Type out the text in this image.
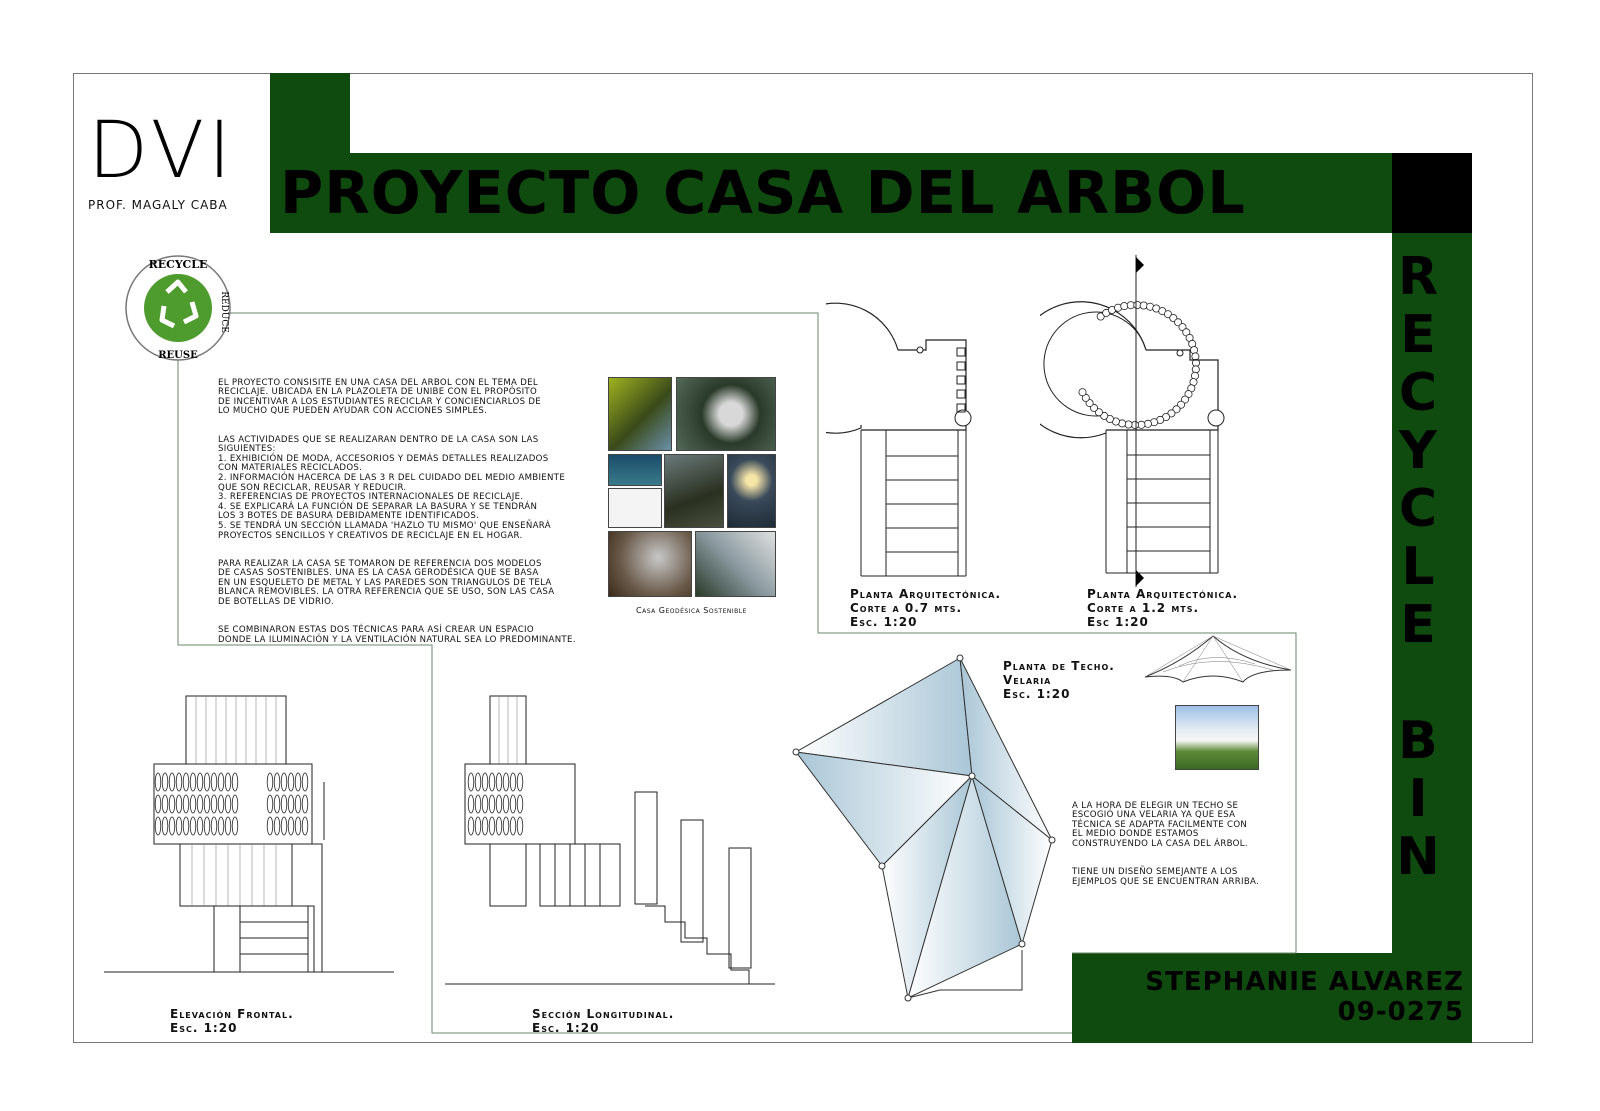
DVI
PROF. MAGALY CABA PROYECTO CASA DEL ARBOL
R
E
C
Y
C
L
E
B
I
N
STEPHANIE ALVAREZ
09-0275
RECYCLE
REDUCE
REUSE

EL PROYECTO CONSISITE EN UNA CASA DEL ARBOL CON EL TEMA DEL
RECICLAJE. UBICADA EN LA PLAZOLETA DE UNIBE CON EL PROPÓSITO
DE INCENTIVAR A LOS ESTUDIANTES RECICLAR Y CONCIENCIARLOS DE
LO MUCHO QUE PUEDEN AYUDAR CON ACCIONES SIMPLES.

LAS ACTIVIDADES QUE SE REALIZARAN DENTRO DE LA CASA SON LAS
SIGUIENTES:
1. EXHIBICIÓN DE MODA, ACCESORIOS Y DEMÁS DETALLES REALIZADOS
CON MATERIALES RECICLADOS.
2. INFORMACIÓN HACERCA DE LAS 3 R DEL CUIDADO DEL MEDIO AMBIENTE
QUE SON RECICLAR, REUSAR Y REDUCIR.
3. REFERENCIAS DE PROYECTOS INTERNACIONALES DE RECICLAJE.
4. SE EXPLICARÁ LA FUNCIÓN DE SEPARAR LA BASURA Y SE TENDRÁN
LOS 3 BOTES DE BASURA DEBIDAMENTE IDENTIFICADOS.
5. SE TENDRÁ UN SECCIÓN LLAMADA 'HAZLO TU MISMO' QUE ENSEÑARÁ
PROYECTOS SENCILLOS Y CREATIVOS DE RECICLAJE EN EL HOGAR.

PARA REALIZAR LA CASA SE TOMARON DE REFERENCIA DOS MODELOS
DE CASAS SOSTENIBLES. UNA ES LA CASA GERODÉSICA QUE SE BASA
EN UN ESQUELETO DE METAL Y LAS PAREDES SON TRIANGULOS DE TELA
BLANCA REMOVIBLES. LA OTRA REFERENCIA QUE SE USO, SON LAS CASA
DE BOTELLAS DE VIDRIO.

SE COMBINARON ESTAS DOS TÉCNICAS PARA ASÍ CREAR UN ESPACIO
DONDE LA ILUMINACIÓN Y LA VENTILACIÓN NATURAL SEA LO PREDOMINANTE.

Casa Geodésica Sostenible
Planta Arquitectónica.
Corte a 0.7 mts.
Esc. 1:20
Planta Arquitectónica.
Corte a 1.2 mts.
Esc 1:20
Planta de Techo.
Velaria
Esc. 1:20

A LA HORA DE ELEGIR UN TECHO SE
ESCOGIÓ UNA VELARIA YA QUE ESA
TÉCNICA SE ADAPTA FACILMENTE CON
EL MEDIO DONDE ESTAMOS
CONSTRUYENDO LA CASA DEL ÁRBOL.

TIENE UN DISEÑO SEMEJANTE A LOS
EJEMPLOS QUE SE ENCUENTRAN ARRIBA.

Elevación Frontal.
Esc. 1:20
Sección Longitudinal.
Esc. 1:20
